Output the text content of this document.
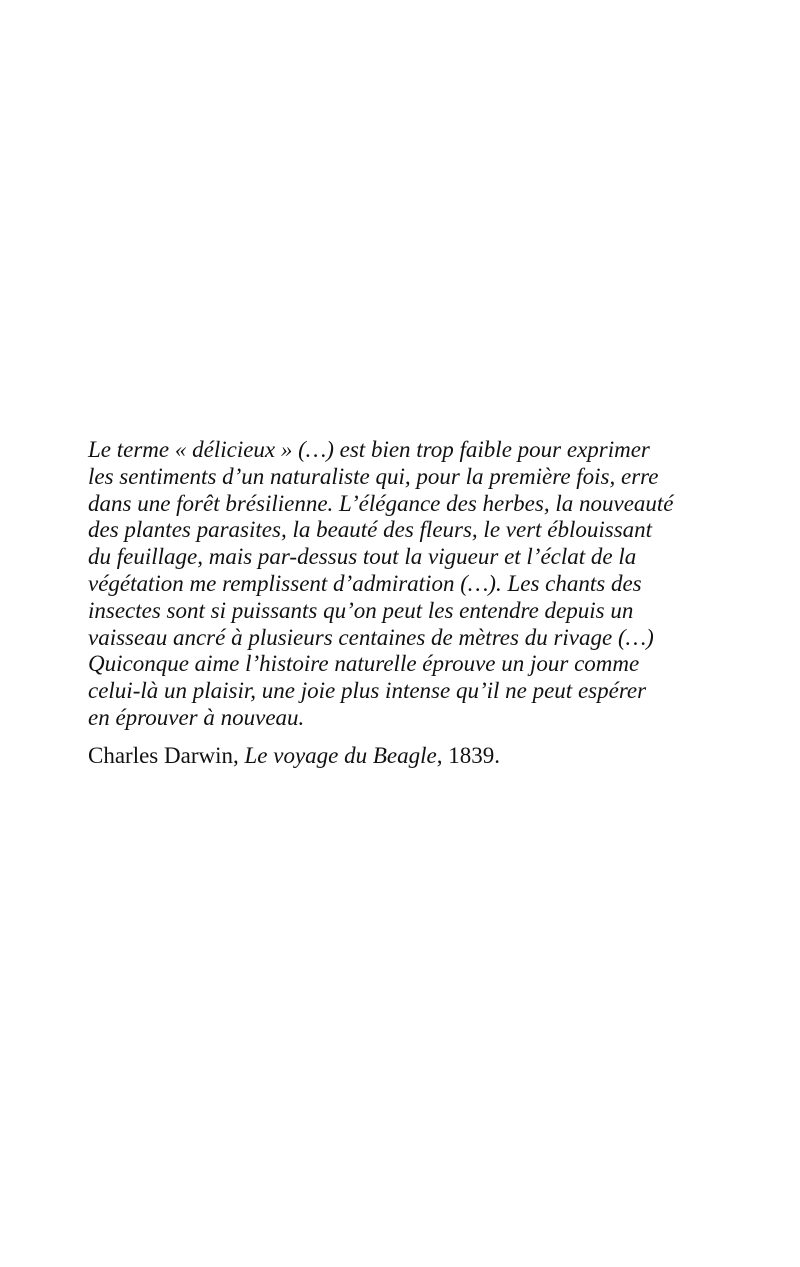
Le terme « délicieux » (…) est bien trop faible pour exprimer
les sentiments d’un naturaliste qui, pour la première fois, erre
dans une forêt brésilienne. L’élégance des herbes, la nouveauté
des plantes parasites, la beauté des fleurs, le vert éblouissant
du feuillage, mais par-dessus tout la vigueur et l’éclat de la
végétation me remplissent d’admiration (…). Les chants des
insectes sont si puissants qu’on peut les entendre depuis un
vaisseau ancré à plusieurs centaines de mètres du rivage (…)
Quiconque aime l’histoire naturelle éprouve un jour comme
celui-là un plaisir, une joie plus intense qu’il ne peut espérer
en éprouver à nouveau.

Charles Darwin, Le voyage du Beagle, 1839.
